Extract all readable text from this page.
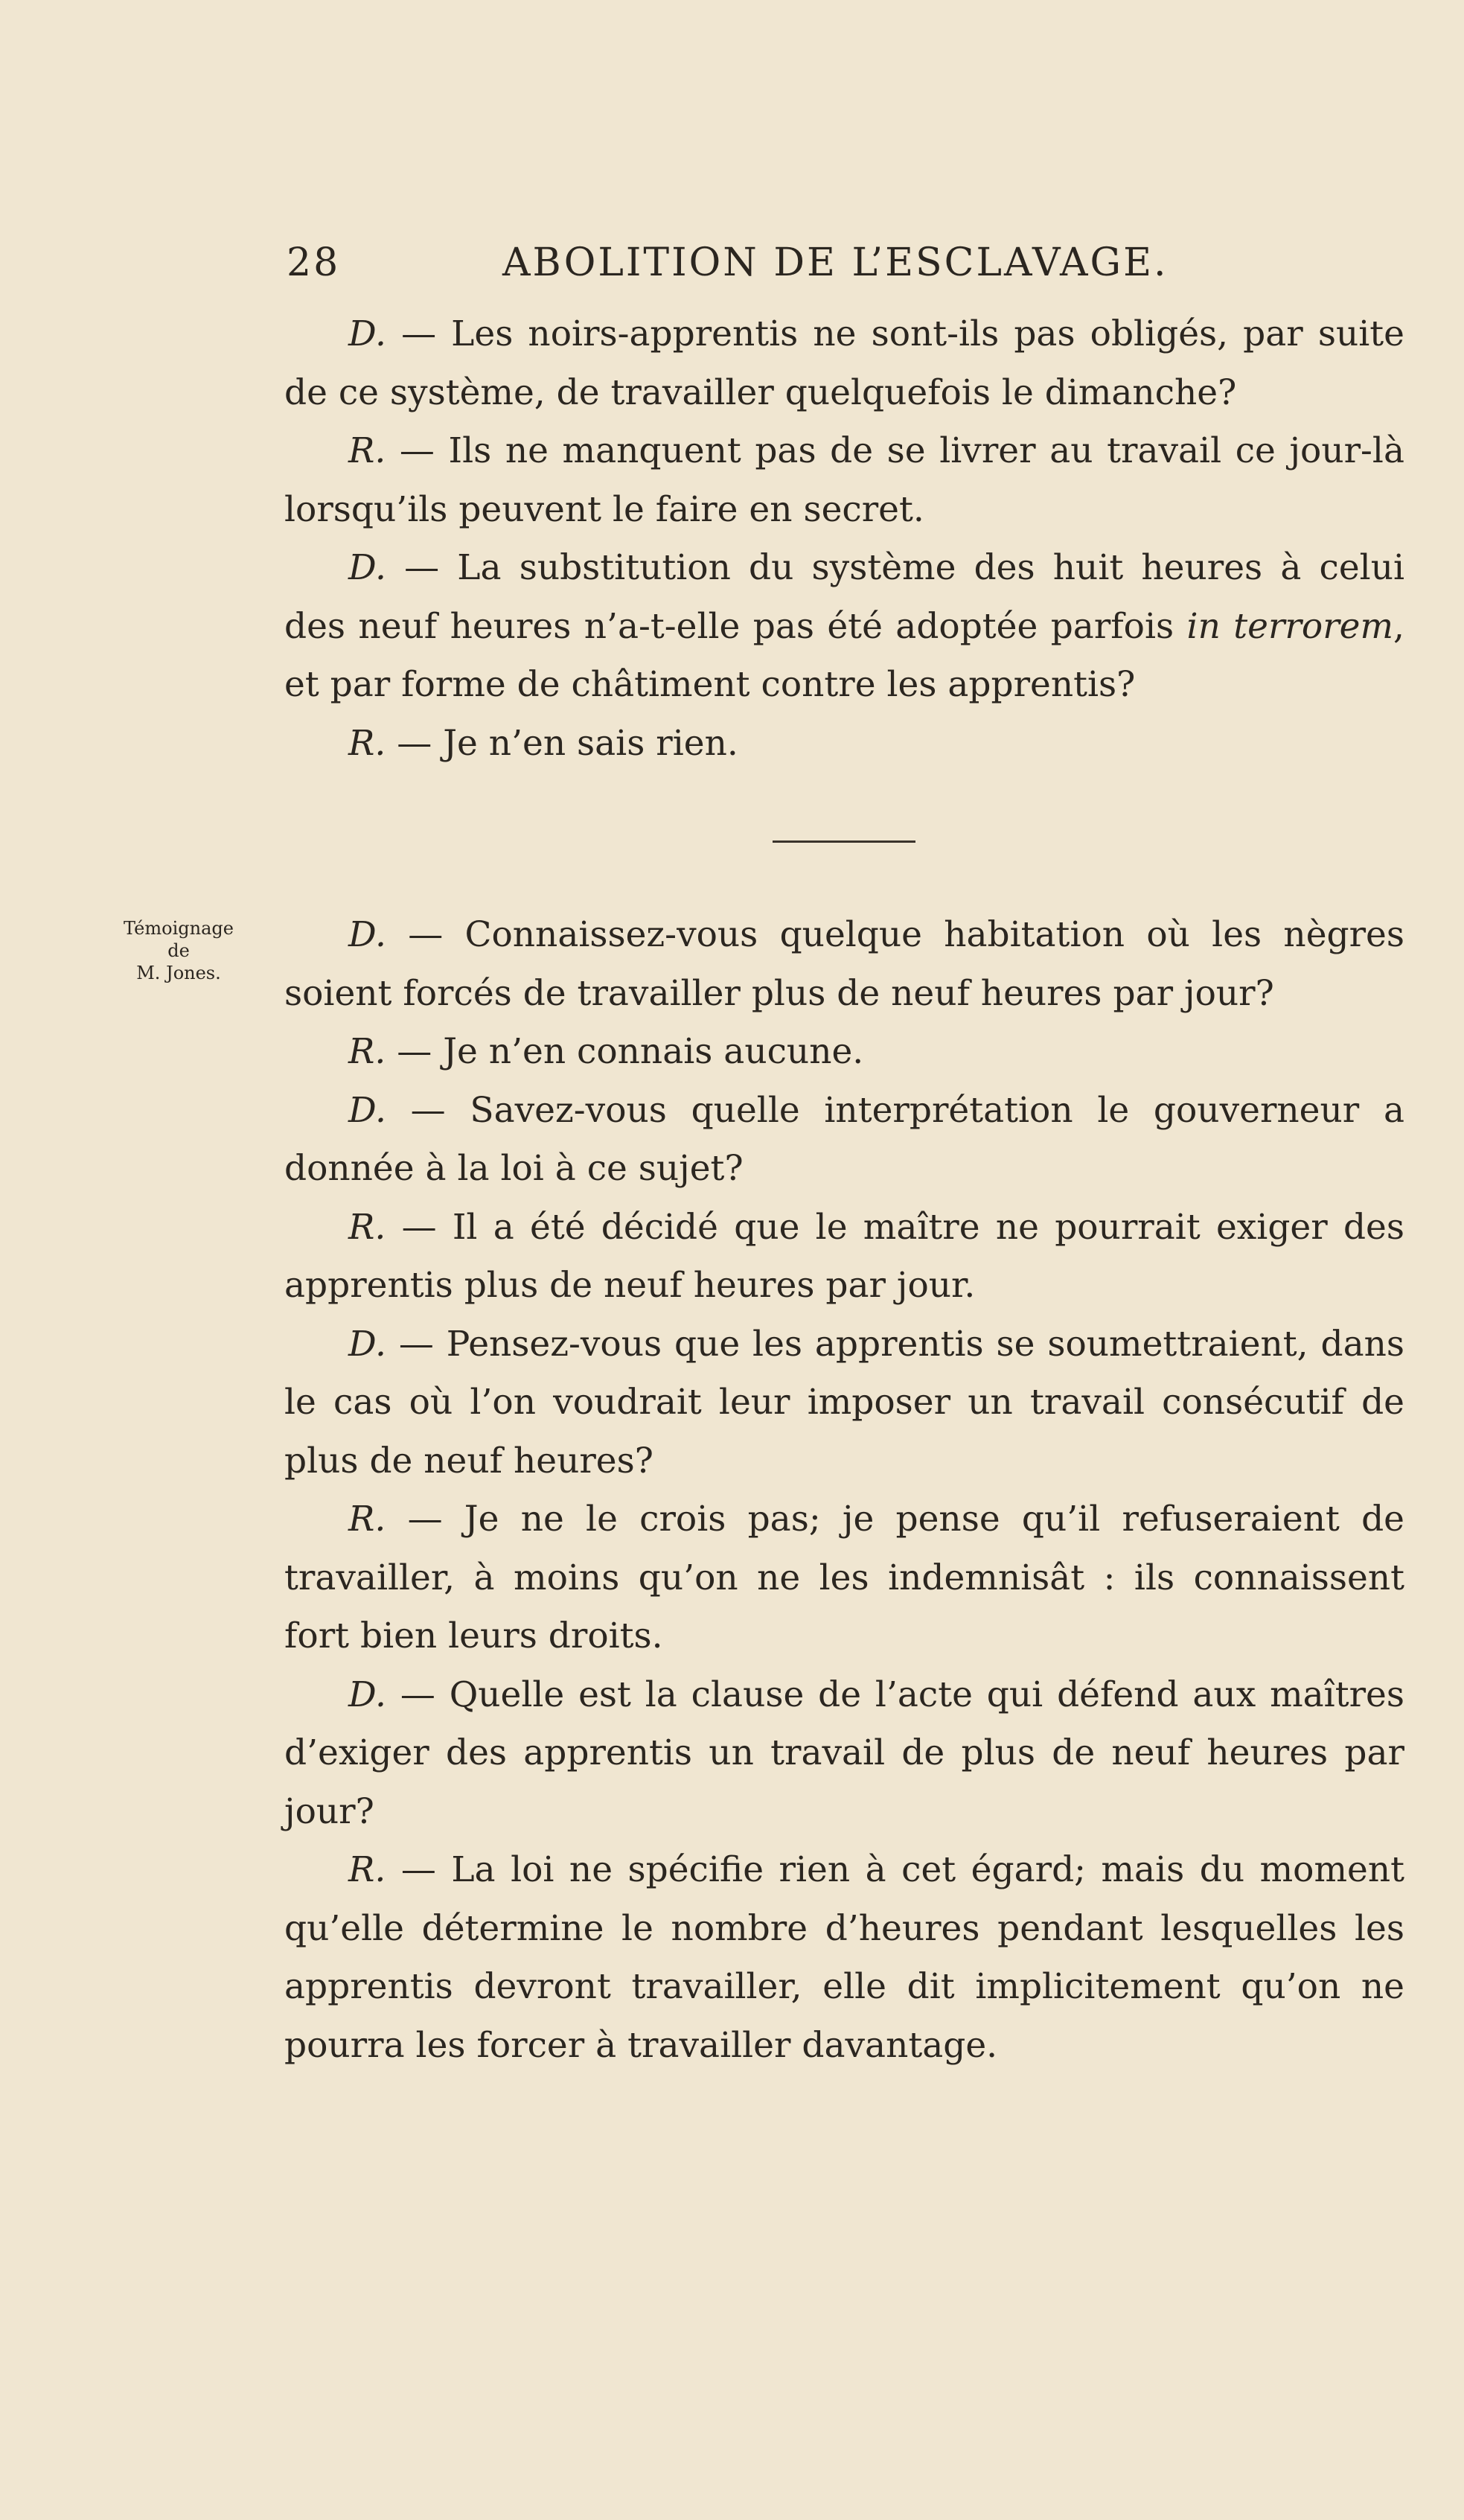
28	ABOLITION DE L’ESCLAVAGE.

D. — Les noirs-apprentis ne sont-ils pas obligés, par suite de ce système, de travailler quelquefois le dimanche?

R. — Ils ne manquent pas de se livrer au travail ce jour-là lorsqu’ils peuvent le faire en secret.

D. — La substitution du système des huit heures à celui des neuf heures n’a-t-elle pas été adoptée parfois in terrorem, et par forme de châtiment contre les apprentis?

R. — Je n’en sais rien.

Témoignage
de
M. Jones.

D. — Connaissez-vous quelque habitation où les nègres soient forcés de travailler plus de neuf heures par jour?

R. — Je n’en connais aucune.

D. — Savez-vous quelle interprétation le gouverneur a donnée à la loi à ce sujet?

R. — Il a été décidé que le maître ne pourrait exiger des apprentis plus de neuf heures par jour.

D. — Pensez-vous que les apprentis se soumettraient, dans le cas où l’on voudrait leur imposer un travail consécutif de plus de neuf heures?

R. — Je ne le crois pas; je pense qu’il refuseraient de travailler, à moins qu’on ne les indemnisât : ils connaissent fort bien leurs droits.

D. — Quelle est la clause de l’acte qui défend aux maîtres d’exiger des apprentis un travail de plus de neuf heures par jour?

R. — La loi ne spécifie rien à cet égard; mais du moment qu’elle détermine le nombre d’heures pendant lesquelles les apprentis devront travailler, elle dit implicitement qu’on ne pourra les forcer à travailler davantage.
